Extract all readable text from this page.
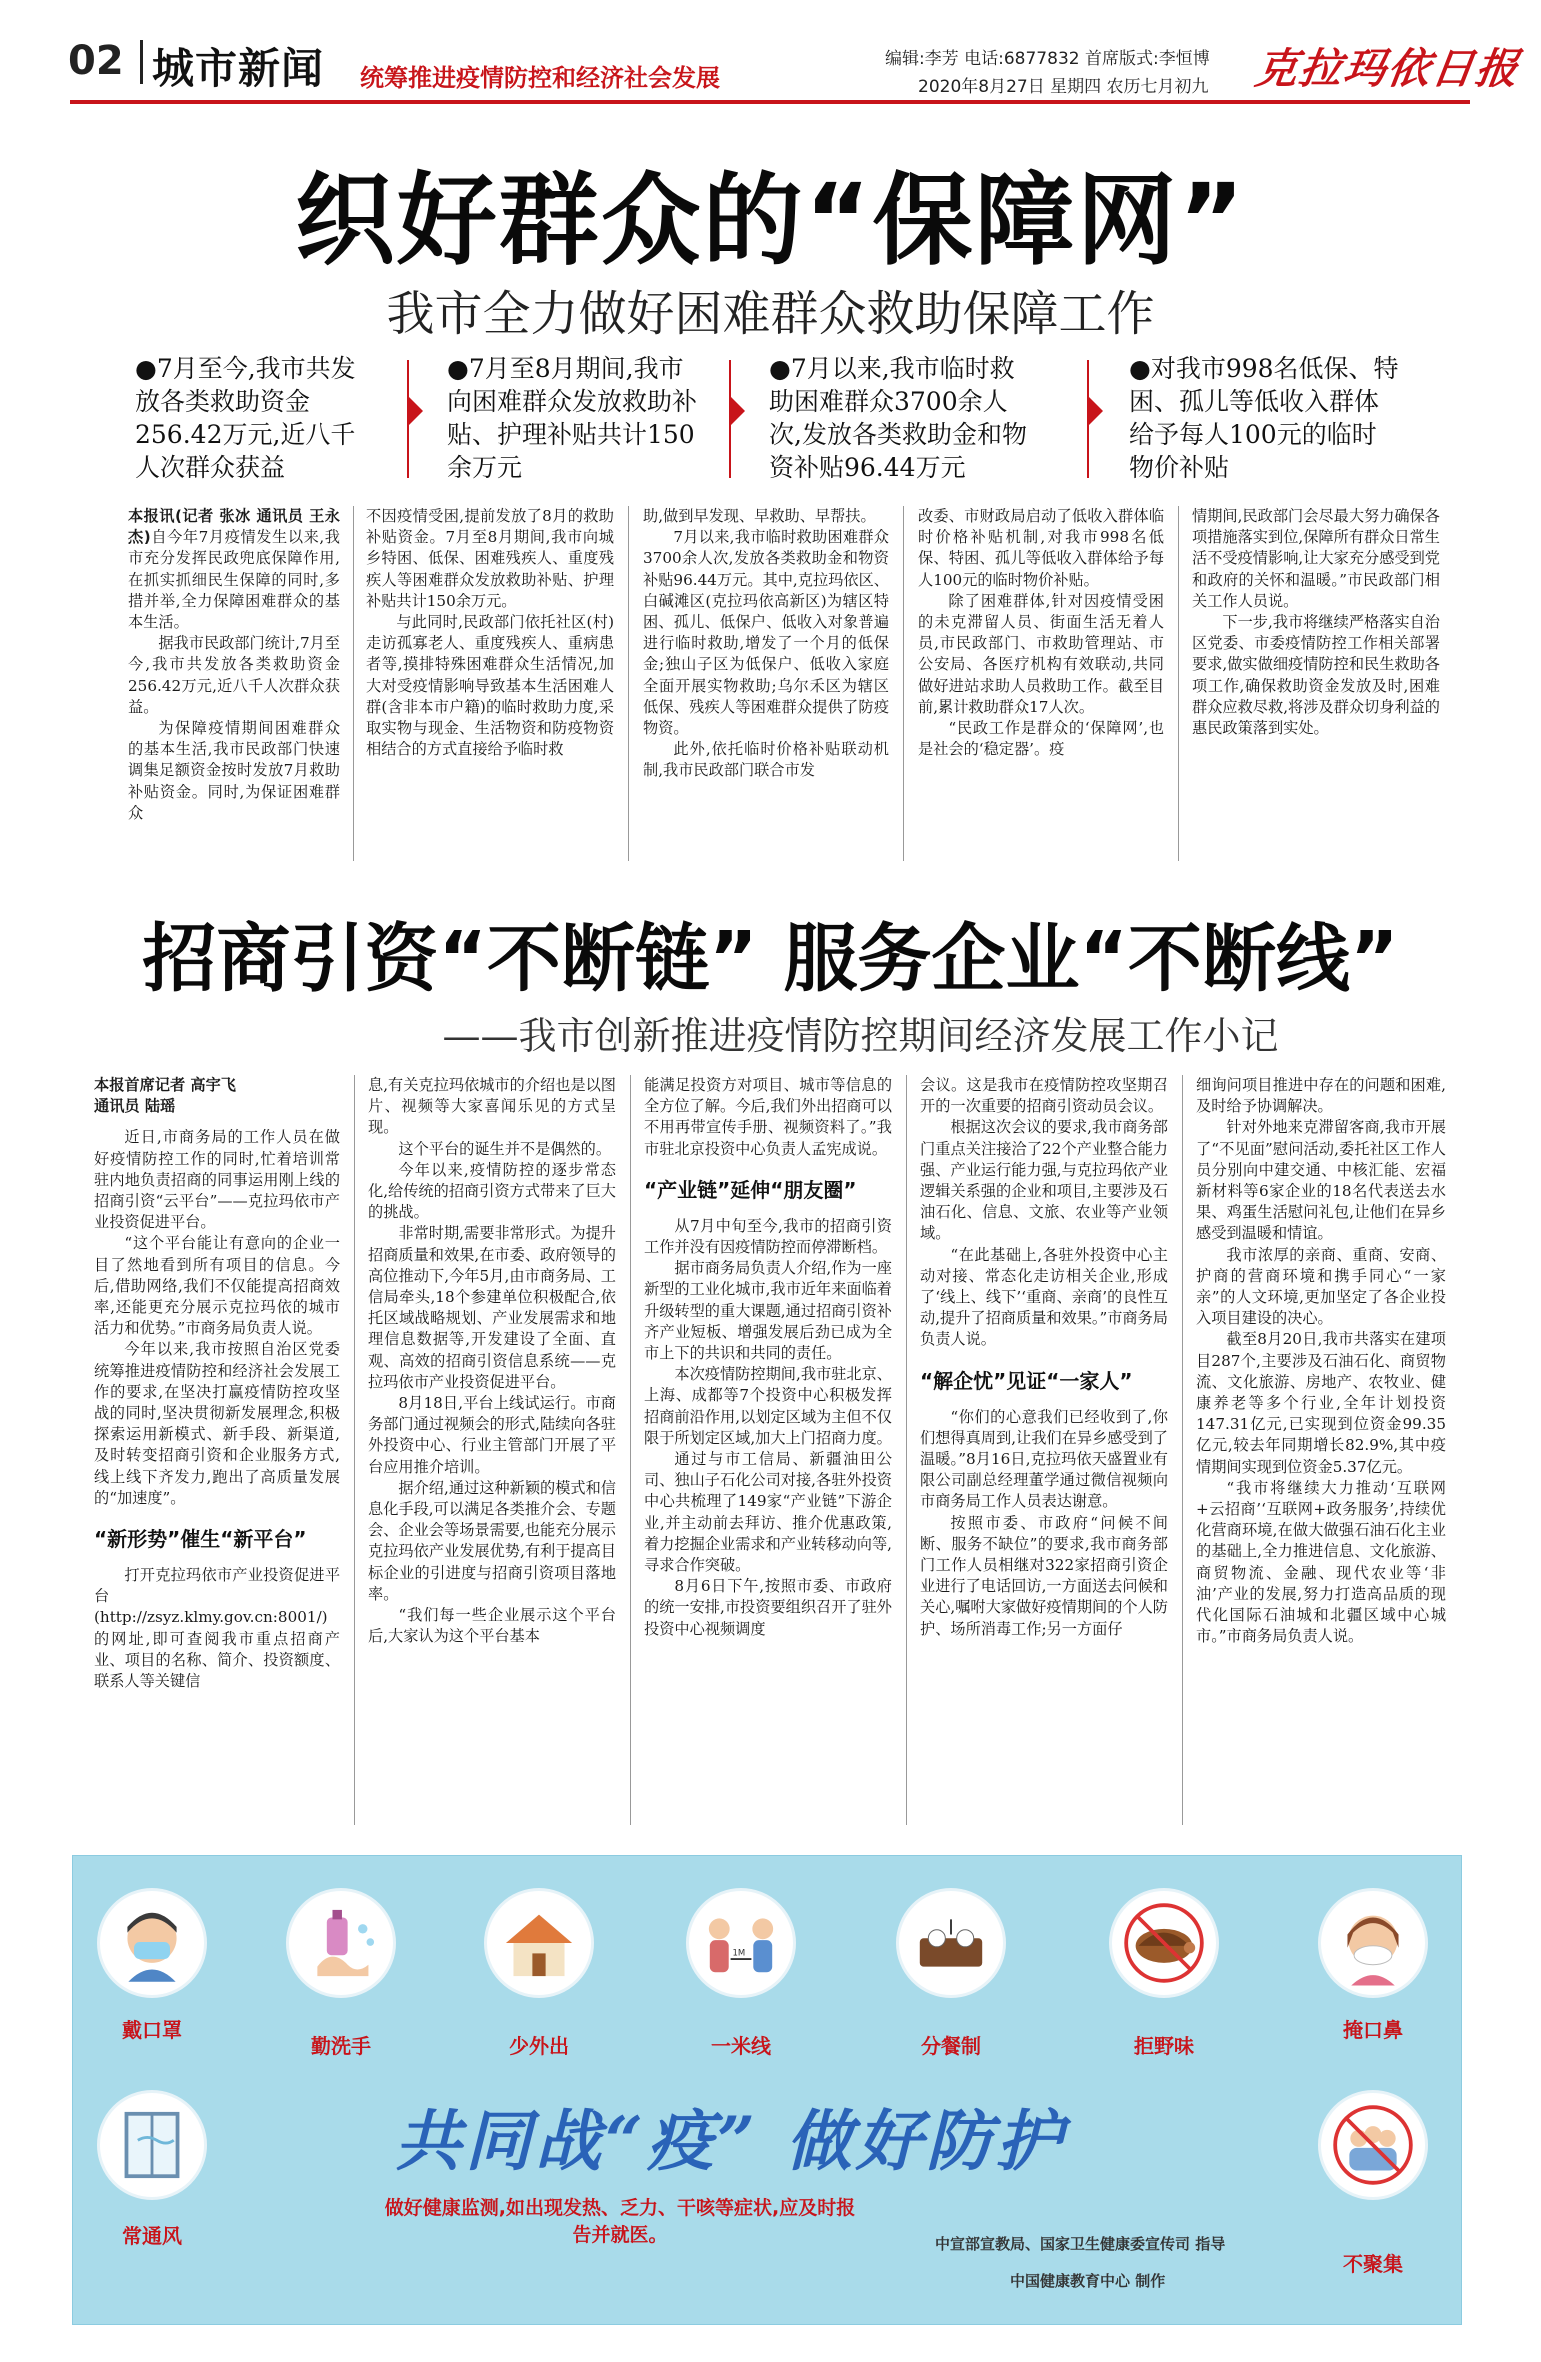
02 城市新闻 统筹推进疫情防控和经济社会发展
编辑:李芳 电话:6877832 首席版式:李恒博
2020年8月27日 星期四 农历七月初九 克拉玛依日报
织好群众的“保障网”
我市全力做好困难群众救助保障工作
●7月至今,我市共发放各类救助资金256.42万元,近八千人次群众获益
●7月至8月期间,我市向困难群众发放救助补贴、护理补贴共计150余万元
●7月以来,我市临时救助困难群众3700余人次,发放各类救助金和物资补贴96.44万元
●对我市998名低保、特困、孤儿等低收入群体给予每人100元的临时物价补贴

本报讯(记者 张冰 通讯员 王永杰)自今年7月疫情发生以来,我市充分发挥民政兜底保障作用,在抓实抓细民生保障的同时,多措并举,全力保障困难群众的基本生活。

据我市民政部门统计,7月至今,我市共发放各类救助资金256.42万元,近八千人次群众获益。

为保障疫情期间困难群众的基本生活,我市民政部门快速调集足额资金按时发放7月救助补贴资金。同时,为保证困难群众

不因疫情受困,提前发放了8月的救助补贴资金。7月至8月期间,我市向城乡特困、低保、困难残疾人、重度残疾人等困难群众发放救助补贴、护理补贴共计150余万元。

与此同时,民政部门依托社区(村)走访孤寡老人、重度残疾人、重病患者等,摸排特殊困难群众生活情况,加大对受疫情影响导致基本生活困难人群(含非本市户籍)的临时救助力度,采取实物与现金、生活物资和防疫物资相结合的方式直接给予临时救

助,做到早发现、早救助、早帮扶。

7月以来,我市临时救助困难群众3700余人次,发放各类救助金和物资补贴96.44万元。其中,克拉玛依区、白碱滩区(克拉玛依高新区)为辖区特困、孤儿、低保户、低收入对象普遍进行临时救助,增发了一个月的低保金;独山子区为低保户、低收入家庭全面开展实物救助;乌尔禾区为辖区低保、残疾人等困难群众提供了防疫物资。

此外,依托临时价格补贴联动机制,我市民政部门联合市发

改委、市财政局启动了低收入群体临时价格补贴机制,对我市998名低保、特困、孤儿等低收入群体给予每人100元的临时物价补贴。

除了困难群体,针对因疫情受困的未克滞留人员、街面生活无着人员,市民政部门、市救助管理站、市公安局、各医疗机构有效联动,共同做好进站求助人员救助工作。截至目前,累计救助群众17人次。

“民政工作是群众的‘保障网’,也是社会的‘稳定器’。疫

情期间,民政部门会尽最大努力确保各项措施落实到位,保障所有群众日常生活不受疫情影响,让大家充分感受到党和政府的关怀和温暖。”市民政部门相关工作人员说。

下一步,我市将继续严格落实自治区党委、市委疫情防控工作相关部署要求,做实做细疫情防控和民生救助各项工作,确保救助资金发放及时,困难群众应救尽救,将涉及群众切身利益的惠民政策落到实处。

招商引资“不断链” 服务企业“不断线”
——我市创新推进疫情防控期间经济发展工作小记

本报首席记者 高宇飞

通讯员 陆瑶

近日,市商务局的工作人员在做好疫情防控工作的同时,忙着培训常驻内地负责招商的同事运用刚上线的招商引资“云平台”——克拉玛依市产业投资促进平台。

“这个平台能让有意向的企业一目了然地看到所有项目的信息。今后,借助网络,我们不仅能提高招商效率,还能更充分展示克拉玛依的城市活力和优势。”市商务局负责人说。

今年以来,我市按照自治区党委统筹推进疫情防控和经济社会发展工作的要求,在坚决打赢疫情防控攻坚战的同时,坚决贯彻新发展理念,积极探索运用新模式、新手段、新渠道,及时转变招商引资和企业服务方式,线上线下齐发力,跑出了高质量发展的“加速度”。

“新形势”催生“新平台”

打开克拉玛依市产业投资促进平台(http://zsyz.klmy.gov.cn:8001/)的网址,即可查阅我市重点招商产业、项目的名称、简介、投资额度、联系人等关键信

息,有关克拉玛依城市的介绍也是以图片、视频等大家喜闻乐见的方式呈现。

这个平台的诞生并不是偶然的。

今年以来,疫情防控的逐步常态化,给传统的招商引资方式带来了巨大的挑战。

非常时期,需要非常形式。为提升招商质量和效果,在市委、政府领导的高位推动下,今年5月,由市商务局、工信局牵头,18个参建单位积极配合,依托区域战略规划、产业发展需求和地理信息数据等,开发建设了全面、直观、高效的招商引资信息系统——克拉玛依市产业投资促进平台。

8月18日,平台上线试运行。市商务部门通过视频会的形式,陆续向各驻外投资中心、行业主管部门开展了平台应用推介培训。

据介绍,通过这种新颖的模式和信息化手段,可以满足各类推介会、专题会、企业会等场景需要,也能充分展示克拉玛依产业发展优势,有利于提高目标企业的引进度与招商引资项目落地率。

“我们每一些企业展示这个平台后,大家认为这个平台基本

能满足投资方对项目、城市等信息的全方位了解。今后,我们外出招商可以不用再带宣传手册、视频资料了。”我市驻北京投资中心负责人孟宪成说。

“产业链”延伸“朋友圈”

从7月中旬至今,我市的招商引资工作并没有因疫情防控而停滞断档。

据市商务局负责人介绍,作为一座新型的工业化城市,我市近年来面临着升级转型的重大课题,通过招商引资补齐产业短板、增强发展后劲已成为全市上下的共识和共同的责任。

本次疫情防控期间,我市驻北京、上海、成都等7个投资中心积极发挥招商前沿作用,以划定区域为主但不仅限于所划定区域,加大上门招商力度。

通过与市工信局、新疆油田公司、独山子石化公司对接,各驻外投资中心共梳理了149家“产业链”下游企业,并主动前去拜访、推介优惠政策,着力挖掘企业需求和产业转移动向等,寻求合作突破。

8月6日下午,按照市委、市政府的统一安排,市投资要组织召开了驻外投资中心视频调度

会议。这是我市在疫情防控攻坚期召开的一次重要的招商引资动员会议。

根据这次会议的要求,我市商务部门重点关注接洽了22个产业整合能力强、产业运行能力强,与克拉玛依产业逻辑关系强的企业和项目,主要涉及石油石化、信息、文旅、农业等产业领域。

“在此基础上,各驻外投资中心主动对接、常态化走访相关企业,形成了‘线上、线下’‘重商、亲商’的良性互动,提升了招商质量和效果。”市商务局负责人说。

“解企忧”见证“一家人”

“你们的心意我们已经收到了,你们想得真周到,让我们在异乡感受到了温暖。”8月16日,克拉玛依天盛置业有限公司副总经理董学通过微信视频向市商务局工作人员表达谢意。

按照市委、市政府“问候不间断、服务不缺位”的要求,我市商务部门工作人员相继对322家招商引资企业进行了电话回访,一方面送去问候和关心,嘱咐大家做好疫情期间的个人防护、场所消毒工作;另一方面仔

细询问项目推进中存在的问题和困难,及时给予协调解决。

针对外地来克滞留客商,我市开展了“不见面”慰问活动,委托社区工作人员分别向中建交通、中核汇能、宏福新材料等6家企业的18名代表送去水果、鸡蛋生活慰问礼包,让他们在异乡感受到温暖和情谊。

我市浓厚的亲商、重商、安商、护商的营商环境和携手同心“一家亲”的人文环境,更加坚定了各企业投入项目建设的决心。

截至8月20日,我市共落实在建项目287个,主要涉及石油石化、商贸物流、文化旅游、房地产、农牧业、健康养老等多个行业,全年计划投资147.31亿元,已实现到位资金99.35亿元,较去年同期增长82.9%,其中疫情期间实现到位资金5.37亿元。

“我市将继续大力推动‘互联网+云招商’‘互联网+政务服务’,持续优化营商环境,在做大做强石油石化主业的基础上,全力推进信息、文化旅游、商贸物流、金融、现代农业等‘非油’产业的发展,努力打造高品质的现代化国际石油城和北疆区域中心城市。”市商务局负责人说。

戴口罩
勤洗手	少外出
1M
一米线	分餐制	拒野味
掩口鼻
常通风
不聚集
共同战“疫” 做好防护
做好健康监测,如出现发热、乏力、干咳等症状,应及时报告并就医。	中宣部宣教局、国家卫生健康委宣传司 指导
中国健康教育中心 制作
